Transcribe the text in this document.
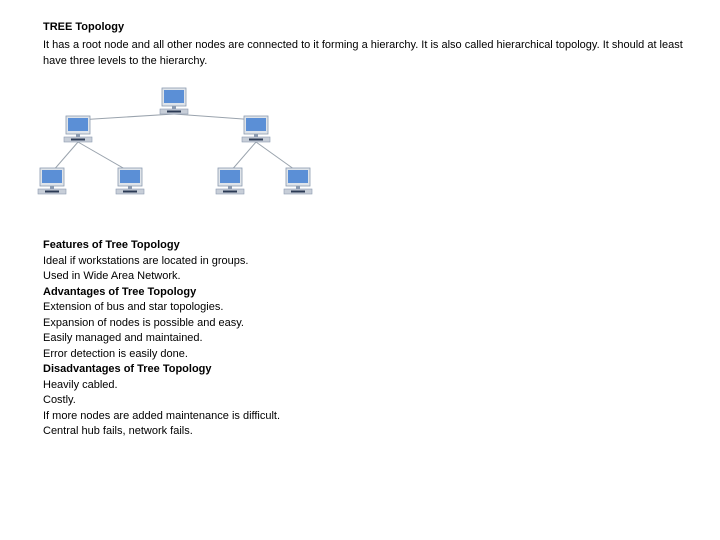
TREE Topology
It has a root node and all other nodes are connected to it forming a hierarchy. It is also called hierarchical topology. It should at least have three levels to the hierarchy.
Features of Tree Topology
Ideal if workstations are located in groups.
Used in Wide Area Network.
Advantages of Tree Topology
Extension of bus and star topologies.
Expansion of nodes is possible and easy.
Easily managed and maintained.
Error detection is easily done.
Disadvantages of Tree Topology
Heavily cabled.
Costly.
If more nodes are added maintenance is difficult.
Central hub fails, network fails.
